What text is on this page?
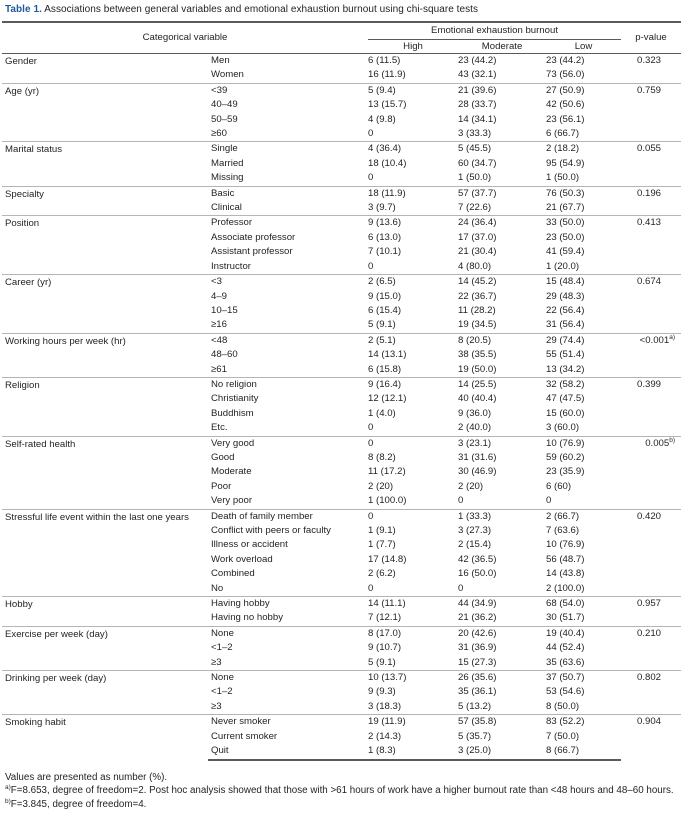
Table 1. Associations between general variables and emotional exhaustion burnout using chi-square tests
Categorical variable		Emotional exhaustion burnout			p-value
		High	Moderate	Low	
Gender	Men	6 (11.5)	23 (44.2)	23 (44.2)	0.323
	Women	16 (11.9)	43 (32.1)	73 (56.0)	
Age (yr)	<39	5 (9.4)	21 (39.6)	27 (50.9)	0.759
	40–49	13 (15.7)	28 (33.7)	42 (50.6)	
	50–59	4 (9.8)	14 (34.1)	23 (56.1)	
	≥60	0	3 (33.3)	6 (66.7)	
Marital status	Single	4 (36.4)	5 (45.5)	2 (18.2)	0.055
	Married	18 (10.4)	60 (34.7)	95 (54.9)	
	Missing	0	1 (50.0)	1 (50.0)	
Specialty	Basic	18 (11.9)	57 (37.7)	76 (50.3)	0.196
	Clinical	3 (9.7)	7 (22.6)	21 (67.7)	
Position	Professor	9 (13.6)	24 (36.4)	33 (50.0)	0.413
	Associate professor	6 (13.0)	17 (37.0)	23 (50.0)	
	Assistant professor	7 (10.1)	21 (30.4)	41 (59.4)	
	Instructor	0	4 (80.0)	1 (20.0)	
Career (yr)	<3	2 (6.5)	14 (45.2)	15 (48.4)	0.674
	4–9	9 (15.0)	22 (36.7)	29 (48.3)	
	10–15	6 (15.4)	11 (28.2)	22 (56.4)	
	≥16	5 (9.1)	19 (34.5)	31 (56.4)	
Working hours per week (hr)	<48	2 (5.1)	8 (20.5)	29 (74.4)	$<0.001^{a)}$
	48–60	14 (13.1)	38 (35.5)	55 (51.4)	
	≥61	6 (15.8)	19 (50.0)	13 (34.2)	
Religion	No religion	9 (16.4)	14 (25.5)	32 (58.2)	0.399
	Christianity	12 (12.1)	40 (40.4)	47 (47.5)	
	Buddhism	1 (4.0)	9 (36.0)	15 (60.0)	
	Etc.	0	2 (40.0)	3 (60.0)	
Self-rated health	Very good	0	3 (23.1)	10 (76.9)	0.005$^{b)}$
	Good	8 (8.2)	31 (31.6)	59 (60.2)	
	Moderate	11 (17.2)	30 (46.9)	23 (35.9)	
	Poor	2 (20)	2 (20)	6 (60)	
	Very poor	1 (100.0)	0	0	
Stressful life event within the last one years	Death of family member	0	1 (33.3)	2 (66.7)	0.420
	Conflict with peers or faculty	1 (9.1)	3 (27.3)	7 (63.6)	
	Illness or accident	1 (7.7)	2 (15.4)	10 (76.9)	
	Work overload	17 (14.8)	42 (36.5)	56 (48.7)	
	Combined	2 (6.2)	16 (50.0)	14 (43.8)	
	No	0	0	2 (100.0)	
Hobby	Having hobby	14 (11.1)	44 (34.9)	68 (54.0)	0.957
	Having no hobby	7 (12.1)	21 (36.2)	30 (51.7)	
Exercise per week (day)	None	8 (17.0)	20 (42.6)	19 (40.4)	0.210
	<1–2	9 (10.7)	31 (36.9)	44 (52.4)	
	≥3	5 (9.1)	15 (27.3)	35 (63.6)	
Drinking per week (day)	None	10 (13.7)	26 (35.6)	37 (50.7)	0.802
	<1–2	9 (9.3)	35 (36.1)	53 (54.6)	
	≥3	3 (18.3)	5 (13.2)	8 (50.0)	
Smoking habit	Never smoker	19 (11.9)	57 (35.8)	83 (52.2)	0.904
	Current smoker	2 (14.3)	5 (35.7)	7 (50.0)	
	Quit	1 (8.3)	3 (25.0)	8 (66.7)	
Values are presented as number (%).
$^{a)}$F=8.653, degree of freedom=2. Post hoc analysis showed that those with >61 hours of work have a higher burnout rate than <48 hours and 48–60 hours. $^{b)}$F=3.845, degree of freedom=4.
